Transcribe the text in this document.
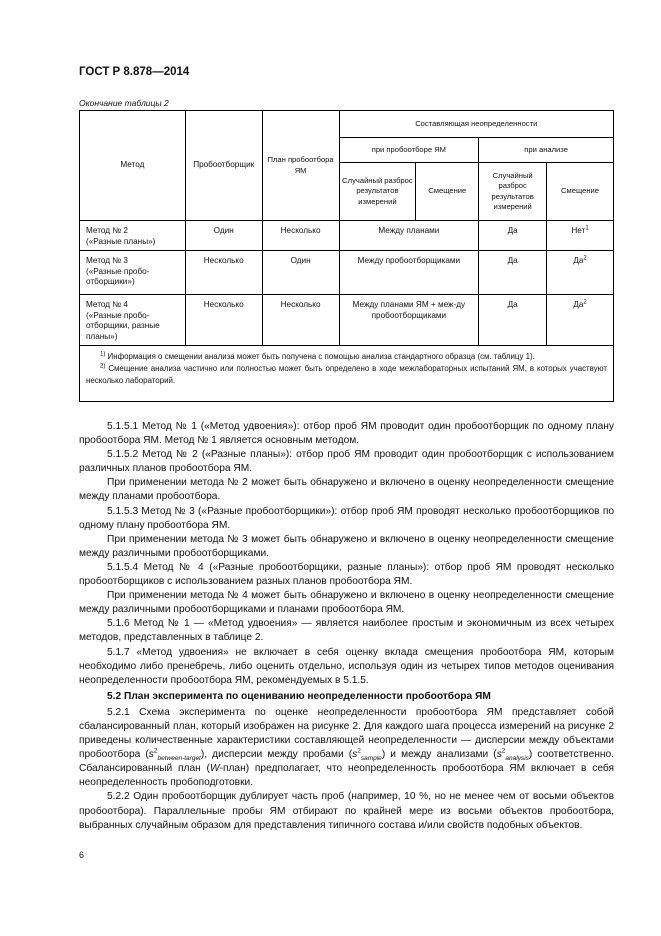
ГОСТ Р 8.878—2014
Окончание таблицы 2
Метод	Пробоотборщик	План пробоотбора ЯМ	Составляющая неопределенности			
			при пробоотборе ЯМ		при анализе	
			Случайный разброс результатов измерений	Смещение	Случайный разброс результатов измерений	Смещение

Метод № 2
(«Разные планы»)	Один	Несколько	Между планами		Да	Нет$^1$

Метод № 3
(«Разные пробо-отборщики»)	Несколько	Один	Между пробоотборщиками		Да	$Да^2$

Метод № 4
(«Разные пробо-отборщики, разные планы»)	Несколько	Несколько	Между планами ЯМ + меж-ду пробоотборщиками		Да	$Да^2$

$^{1)}$ Информация о смещении анализа может быть получена с помощью анализа стандартного образца (см. таблицу 1).
$^{2)}$ Смещение анализа частично или полностью может быть определено в ходе межлабораторных испытаний ЯМ, в которых участвуют несколько лабораторий.						

5.1.5.1 Метод № 1 («Метод удвоения»): отбор проб ЯМ проводит один пробоотборщик по одному плану пробоотбора ЯМ. Метод № 1 является основным методом.

5.1.5.2 Метод № 2 («Разные планы»): отбор проб ЯМ проводит один пробоотборщик с использованием различных планов пробоотбора ЯМ.

При применении метода № 2 может быть обнаружено и включено в оценку неопределенности смещение между планами пробоотбора.

5.1.5.3 Метод № 3 («Разные пробоотборщики»): отбор проб ЯМ проводят несколько пробоотборщиков по одному плану пробоотбора ЯМ.

При применении метода № 3 может быть обнаружено и включено в оценку неопределенности смещение между различными пробоотборщиками.

5.1.5.4 Метод № 4 («Разные пробоотборщики, разные планы»): отбор проб ЯМ проводят несколько пробоотборщиков с использованием разных планов пробоотбора ЯМ.

При применении метода № 4 может быть обнаружено и включено в оценку неопределенности смещение между различными пробоотборщиками и планами пробоотбора ЯМ.

5.1.6 Метод № 1 — «Метод удвоения» — является наиболее простым и экономичным из всех четырех методов, представленных в таблице 2.

5.1.7 «Метод удвоения» не включает в себя оценку вклада смещения пробоотбора ЯМ, которым необходимо либо пренебречь, либо оценить отдельно, используя один из четырех типов методов оценивания неопределенности пробоотбора ЯМ, рекомендуемых в 5.1.5.

5.2 План эксперимента по оцениванию неопределенности пробоотбора ЯМ

5.2.1 Схема эксперимента по оценке неопределенности пробоотбора ЯМ представляет собой сбалансированный план, который изображен на рисунке 2. Для каждого шага процесса измерений на рисунке 2 приведены количественные характеристики составляющей неопределенности — дисперсии между объектами пробоотбора $(s^2_{between-target})$, дисперсии между пробами $(s^2_{sample})$ и между анализами $(s^2_{analysis})$ соответственно. Сбалансированный план (W-план) предполагает, что неопределенность пробоотбора ЯМ включает в себя неопределенность пробоподготовки.

5.2.2 Один пробоотборщик дублирует часть проб (например, 10 %, но не менее чем от восьми объектов пробоотбора). Параллельные пробы ЯМ отбирают по крайней мере из восьми объектов пробоотбора, выбранных случайным образом для представления типичного состава и/или свойств подобных объектов.

6
